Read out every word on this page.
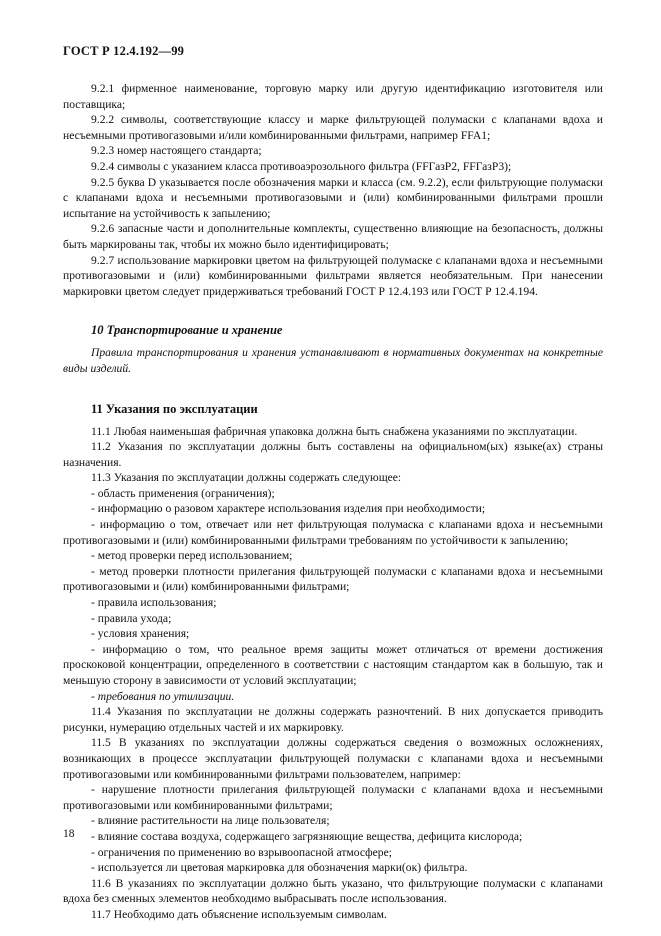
ГОСТ Р 12.4.192—99

9.2.1 фирменное наименование, торговую марку или другую идентификацию изготовителя или поставщика;

9.2.2 символы, соответствующие классу и марке фильтрующей полумаски с клапанами вдоха и несъемными противогазовыми и/или комбинированными фильтрами, например FFA1;

9.2.3 номер настоящего стандарта;

9.2.4 символы с указанием класса противоаэрозольного фильтра (FFГазР2, FFГазР3);

9.2.5 буква D указывается после обозначения марки и класса (см. 9.2.2), если фильтрующие полумаски с клапанами вдоха и несъемными противогазовыми и (или) комбинированными фильтрами прошли испытание на устойчивость к запылению;

9.2.6 запасные части и дополнительные комплекты, существенно влияющие на безопасность, должны быть маркированы так, чтобы их можно было идентифицировать;

9.2.7 использование маркировки цветом на фильтрующей полумаске с клапанами вдоха и несъемными противогазовыми и (или) комбинированными фильтрами является необязательным. При нанесении маркировки цветом следует придерживаться требований ГОСТ Р 12.4.193 или ГОСТ Р 12.4.194.

10 Транспортирование и хранение

Правила транспортирования и хранения устанавливают в нормативных документах на конкретные виды изделий.

11 Указания по эксплуатации

11.1 Любая наименьшая фабричная упаковка должна быть снабжена указаниями по эксплуатации.

11.2 Указания по эксплуатации должны быть составлены на официальном(ых) языке(ах) страны назначения.

11.3 Указания по эксплуатации должны содержать следующее:

- область применения (ограничения);

- информацию о разовом характере использования изделия при необходимости;

- информацию о том, отвечает или нет фильтрующая полумаска с клапанами вдоха и несъемными противогазовыми и (или) комбинированными фильтрами требованиям по устойчивости к запылению;

- метод проверки перед использованием;

- метод проверки плотности прилегания фильтрующей полумаски с клапанами вдоха и несъемными противогазовыми и (или) комбинированными фильтрами;

- правила использования;

- правила ухода;

- условия хранения;

- информацию о том, что реальное время защиты может отличаться от времени достижения проскоковой концентрации, определенного в соответствии с настоящим стандартом как в большую, так и меньшую сторону в зависимости от условий эксплуатации;

- требования по утилизации.

11.4 Указания по эксплуатации не должны содержать разночтений. В них допускается приводить рисунки, нумерацию отдельных частей и их маркировку.

11.5 В указаниях по эксплуатации должны содержаться сведения о возможных осложнениях, возникающих в процессе эксплуатации фильтрующей полумаски с клапанами вдоха и несъемными противогазовыми или комбинированными фильтрами пользователем, например:

- нарушение плотности прилегания фильтрующей полумаски с клапанами вдоха и несъемными противогазовыми или комбинированными фильтрами;

- влияние растительности на лице пользователя;

- влияние состава воздуха, содержащего загрязняющие вещества, дефицита кислорода;

- ограничения по применению во взрывоопасной атмосфере;

- используется ли цветовая маркировка для обозначения марки(ок) фильтра.

11.6 В указаниях по эксплуатации должно быть указано, что фильтрующие полумаски с клапанами вдоха без сменных элементов необходимо выбрасывать после использования.

11.7 Необходимо дать объяснение используемым символам.

18
